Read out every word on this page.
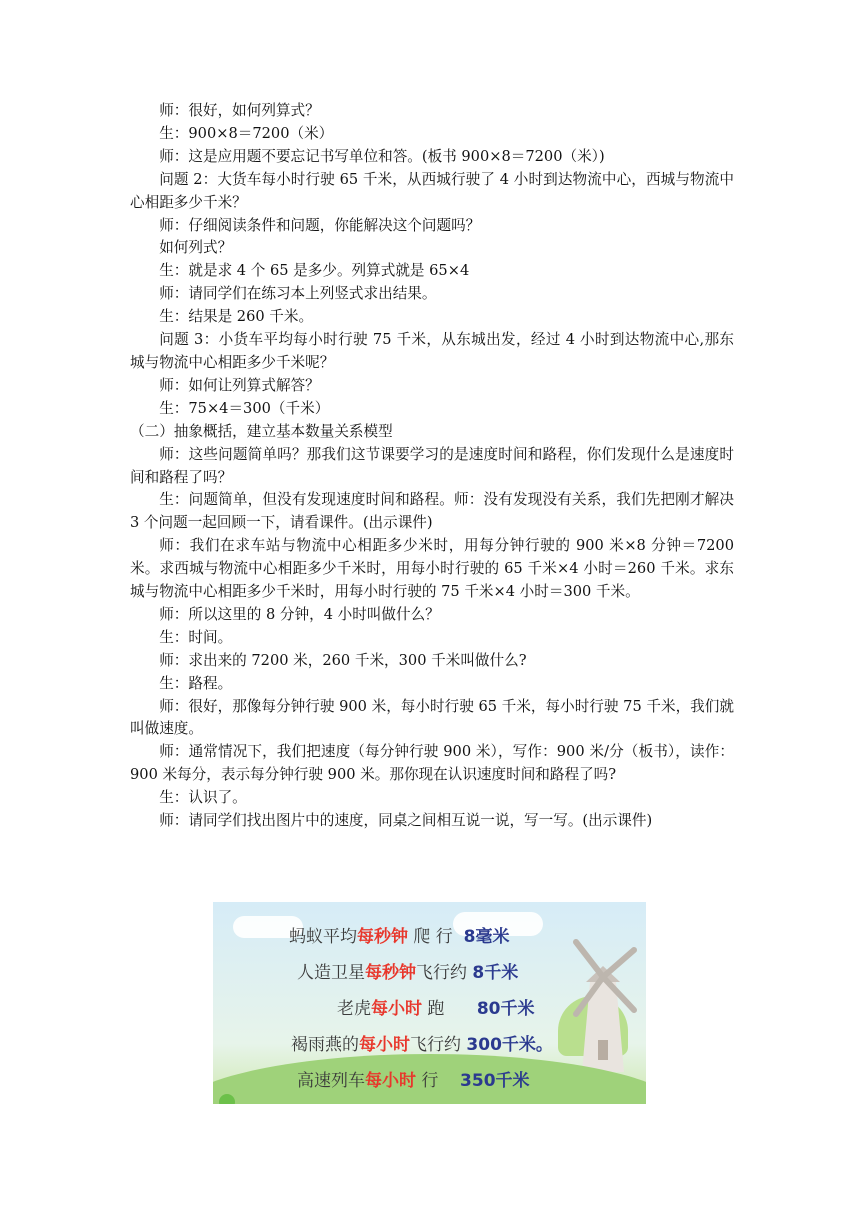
师：很好，如何列算式？

生：900×8＝7200（米）

师：这是应用题不要忘记书写单位和答。(板书 900×8＝7200（米）)

问题 2：大货车每小时行驶 65 千米，从西城行驶了 4 小时到达物流中心，西城与物流中心相距多少千米？

师：仔细阅读条件和问题，你能解决这个问题吗？

如何列式？

生：就是求 4 个 65 是多少。列算式就是 65×4

师：请同学们在练习本上列竖式求出结果。

生：结果是 260 千米。

问题 3：小货车平均每小时行驶 75 千米，从东城出发，经过 4 小时到达物流中心,那东城与物流中心相距多少千米呢？

师：如何让列算式解答？

生：75×4＝300（千米）

（二）抽象概括，建立基本数量关系模型

师：这些问题简单吗？那我们这节课要学习的是速度时间和路程，你们发现什么是速度时间和路程了吗？

生：问题简单，但没有发现速度时间和路程。师：没有发现没有关系，我们先把刚才解决 3 个问题一起回顾一下，请看课件。(出示课件)

师：我们在求车站与物流中心相距多少米时，用每分钟行驶的 900 米×8 分钟＝7200 米。求西城与物流中心相距多少千米时，用每小时行驶的 65 千米×4 小时＝260 千米。求东城与物流中心相距多少千米时，用每小时行驶的 75 千米×4 小时＝300 千米。

师：所以这里的 8 分钟，4 小时叫做什么？

生：时间。

师：求出来的 7200 米，260 千米，300 千米叫做什么?

生：路程。

师：很好，那像每分钟行驶 900 米，每小时行驶 65 千米，每小时行驶 75 千米，我们就叫做速度。

师：通常情况下，我们把速度（每分钟行驶 900 米），写作：900 米/分（板书），读作：900 米每分，表示每分钟行驶 900 米。那你现在认识速度时间和路程了吗?

生：认识了。

师：请同学们找出图片中的速度，同桌之间相互说一说，写一写。(出示课件)

蚂蚁平均每秒钟 爬 行 8毫米
人造卫星每秒钟飞行约 8千米
老虎每小时 跑 80千米
褐雨燕的每小时飞行约 300千米。
高速列车每小时 行 350千米
